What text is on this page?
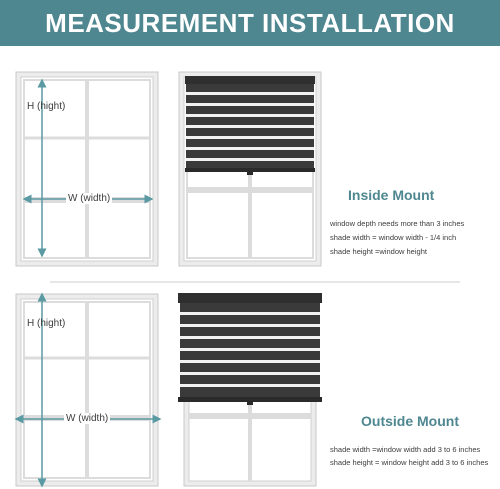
MEASUREMENT INSTALLATION
H (hight)
W (width)	Inside Mount
window depth needs more than 3 inches
shade width = window width - 1/4 inch
shade height =window height
H (hight)
W (width)	Outside Mount
shade width =window width add 3 to 6 inches
shade height = window height add 3 to 6 inches
